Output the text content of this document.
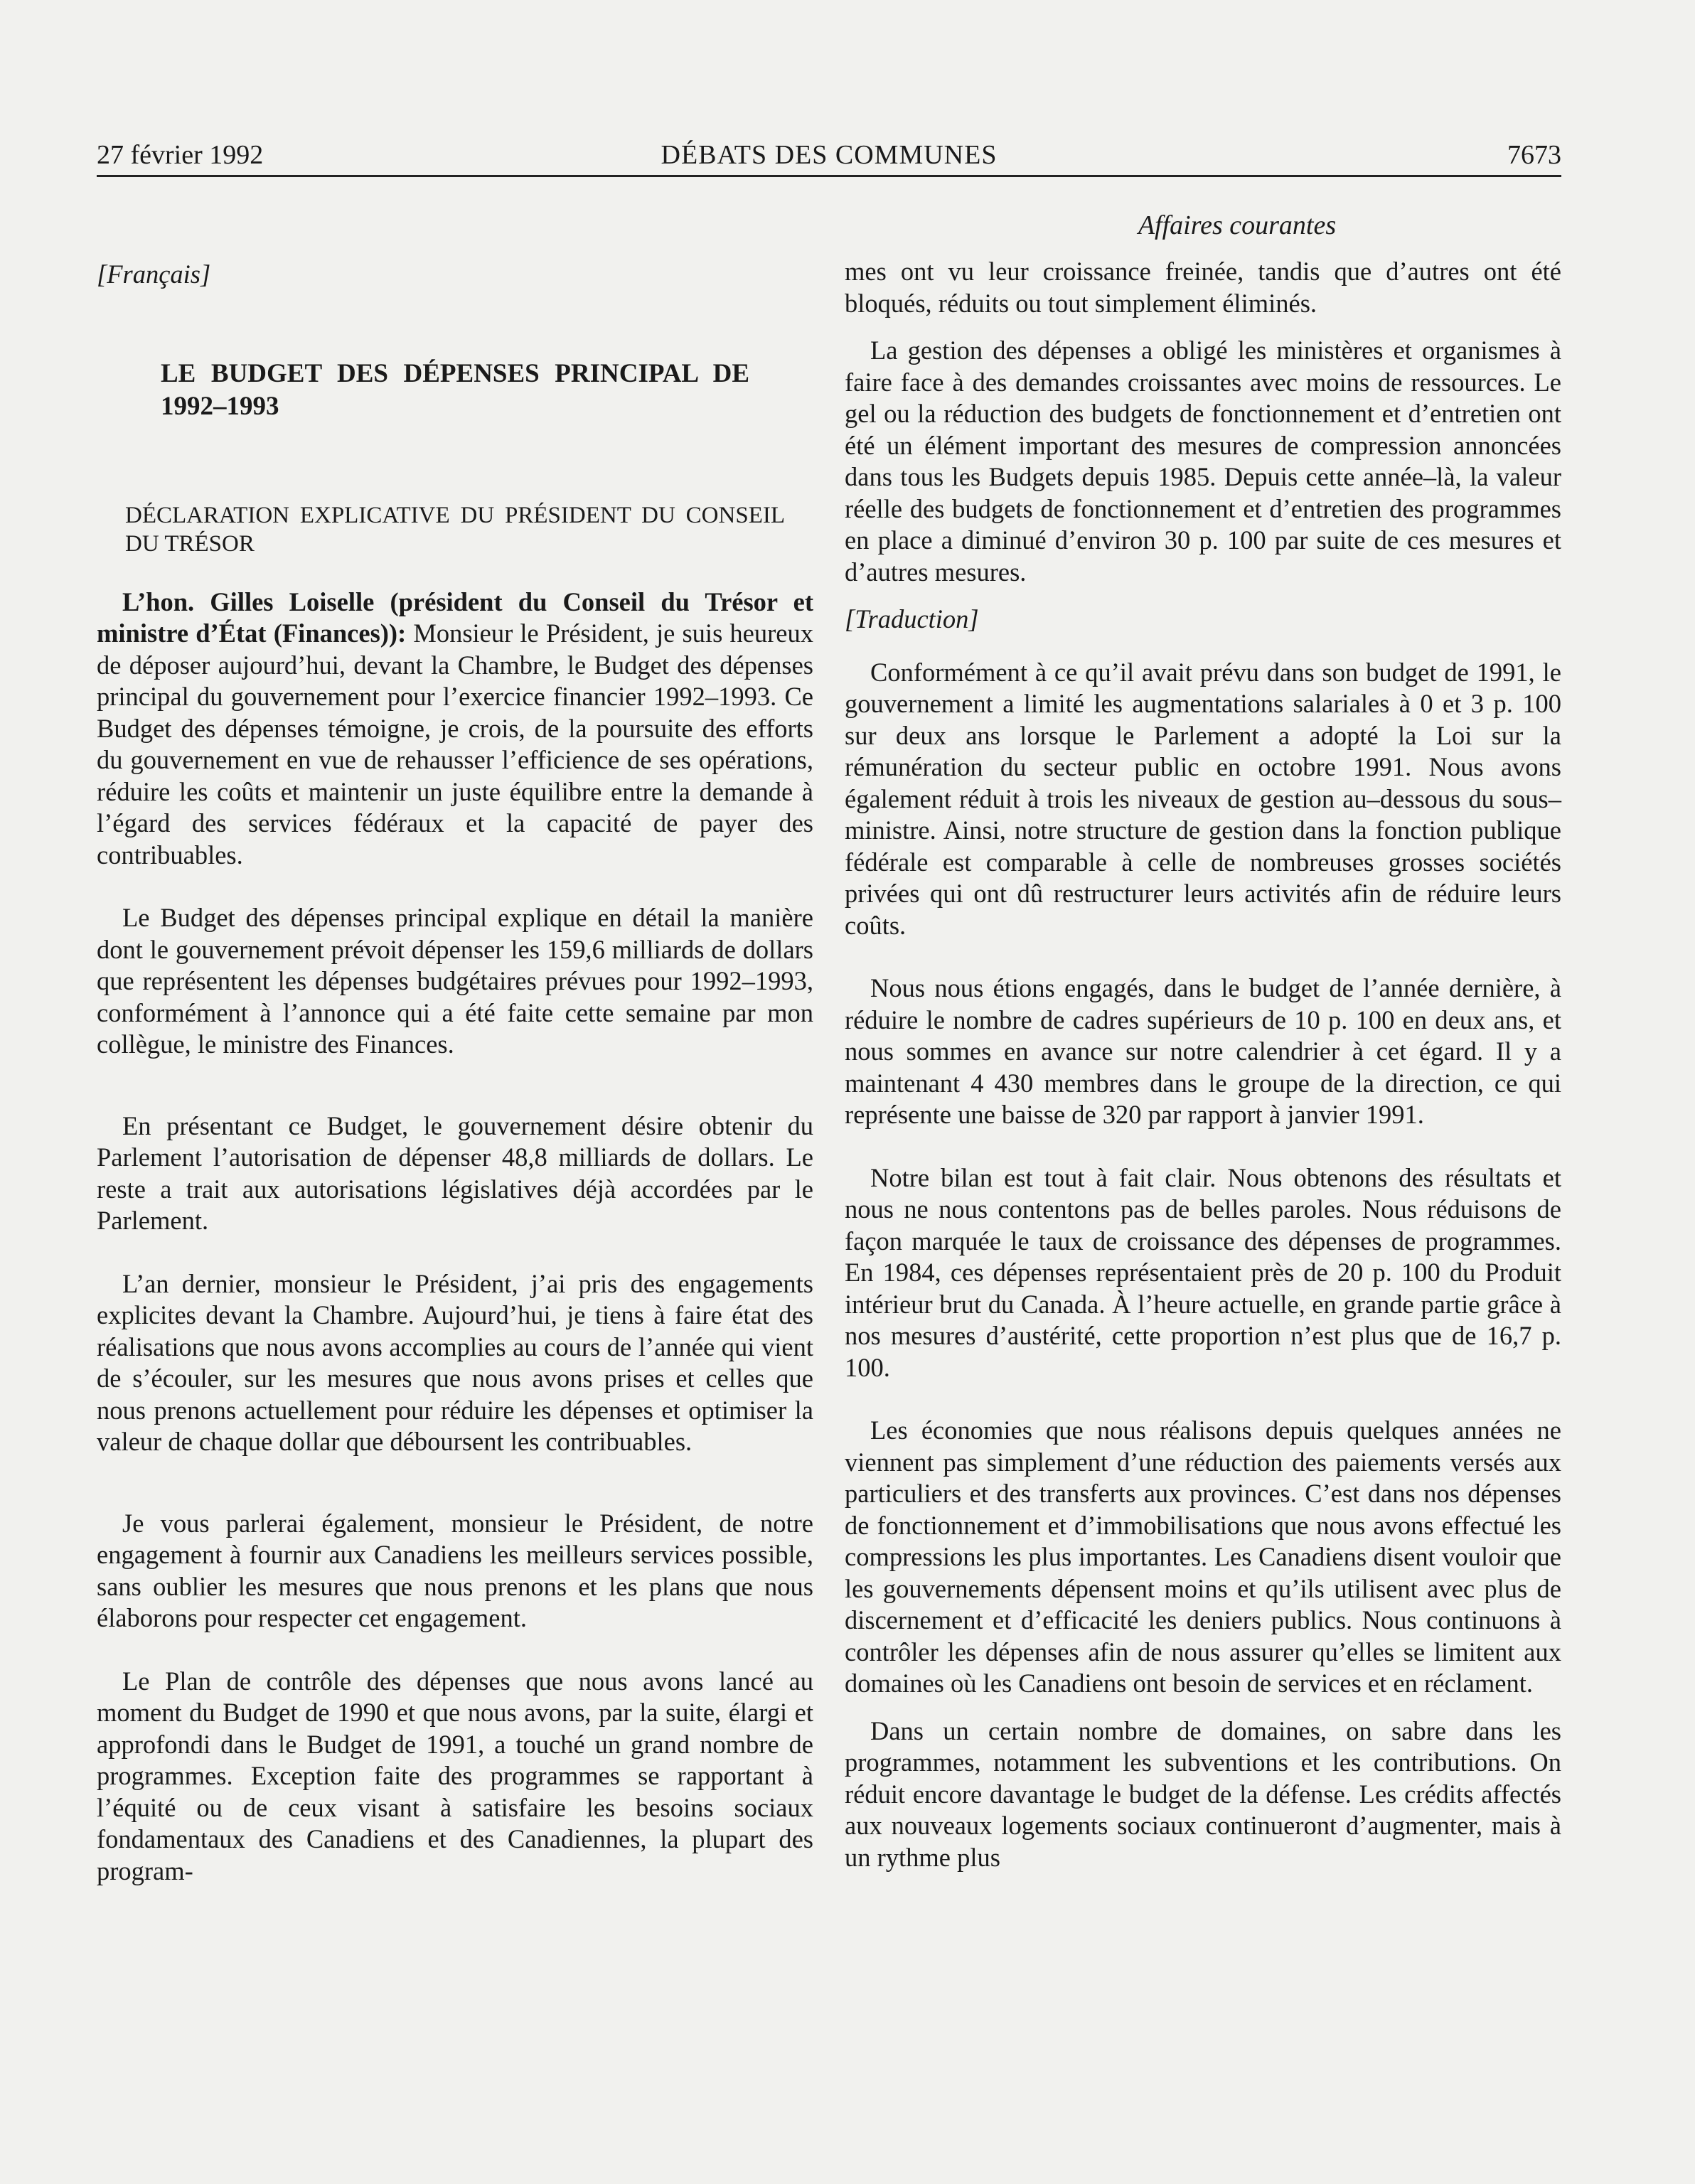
27 février 1992	DÉBATS DES COMMUNES	7673
Affaires courantes

[Français]

LE BUDGET DES DÉPENSES PRINCIPAL DE 1992–1993

DÉCLARATION EXPLICATIVE DU PRÉSIDENT DU CONSEIL DU TRÉSOR

L’hon. Gilles Loiselle (président du Conseil du Trésor et ministre d’État (Finances)): Monsieur le Président, je suis heureux de déposer aujourd’hui, devant la Chambre, le Budget des dépenses principal du gouvernement pour l’exercice financier 1992–1993. Ce Budget des dépenses témoigne, je crois, de la poursuite des efforts du gouvernement en vue de rehausser l’efficience de ses opérations, réduire les coûts et maintenir un juste équilibre entre la demande à l’égard des services fédéraux et la capacité de payer des contribuables.

Le Budget des dépenses principal explique en détail la manière dont le gouvernement prévoit dépenser les 159,6 milliards de dollars que représentent les dépenses budgétaires prévues pour 1992–1993, conformément à l’annonce qui a été faite cette semaine par mon collègue, le ministre des Finances.

En présentant ce Budget, le gouvernement désire obtenir du Parlement l’autorisation de dépenser 48,8 milliards de dollars. Le reste a trait aux autorisations législatives déjà accordées par le Parlement.

L’an dernier, monsieur le Président, j’ai pris des engagements explicites devant la Chambre. Aujourd’hui, je tiens à faire état des réalisations que nous avons accomplies au cours de l’année qui vient de s’écouler, sur les mesures que nous avons prises et celles que nous prenons actuellement pour réduire les dépenses et optimiser la valeur de chaque dollar que déboursent les contribuables.

Je vous parlerai également, monsieur le Président, de notre engagement à fournir aux Canadiens les meilleurs services possible, sans oublier les mesures que nous prenons et les plans que nous élaborons pour respecter cet engagement.

Le Plan de contrôle des dépenses que nous avons lancé au moment du Budget de 1990 et que nous avons, par la suite, élargi et approfondi dans le Budget de 1991, a touché un grand nombre de programmes. Exception faite des programmes se rapportant à l’équité ou de ceux visant à satisfaire les besoins sociaux fondamentaux des Canadiens et des Canadiennes, la plupart des program-

mes ont vu leur croissance freinée, tandis que d’autres ont été bloqués, réduits ou tout simplement éliminés.

La gestion des dépenses a obligé les ministères et organismes à faire face à des demandes croissantes avec moins de ressources. Le gel ou la réduction des budgets de fonctionnement et d’entretien ont été un élément important des mesures de compression annoncées dans tous les Budgets depuis 1985. Depuis cette année–là, la valeur réelle des budgets de fonctionnement et d’entretien des programmes en place a diminué d’environ 30 p. 100 par suite de ces mesures et d’autres mesures.

[Traduction]

Conformément à ce qu’il avait prévu dans son budget de 1991, le gouvernement a limité les augmentations salariales à 0 et 3 p. 100 sur deux ans lorsque le Parlement a adopté la Loi sur la rémunération du secteur public en octobre 1991. Nous avons également réduit à trois les niveaux de gestion au–dessous du sous–ministre. Ainsi, notre structure de gestion dans la fonction publique fédérale est comparable à celle de nombreuses grosses sociétés privées qui ont dû restructurer leurs activités afin de réduire leurs coûts.

Nous nous étions engagés, dans le budget de l’année dernière, à réduire le nombre de cadres supérieurs de 10 p. 100 en deux ans, et nous sommes en avance sur notre calendrier à cet égard. Il y a maintenant 4 430 membres dans le groupe de la direction, ce qui représente une baisse de 320 par rapport à janvier 1991.

Notre bilan est tout à fait clair. Nous obtenons des résultats et nous ne nous contentons pas de belles paroles. Nous réduisons de façon marquée le taux de croissance des dépenses de programmes. En 1984, ces dépenses représentaient près de 20 p. 100 du Produit intérieur brut du Canada. À l’heure actuelle, en grande partie grâce à nos mesures d’austérité, cette proportion n’est plus que de 16,7 p. 100.

Les économies que nous réalisons depuis quelques années ne viennent pas simplement d’une réduction des paiements versés aux particuliers et des transferts aux provinces. C’est dans nos dépenses de fonctionnement et d’immobilisations que nous avons effectué les compressions les plus importantes. Les Canadiens disent vouloir que les gouvernements dépensent moins et qu’ils utilisent avec plus de discernement et d’efficacité les deniers publics. Nous continuons à contrôler les dépenses afin de nous assurer qu’elles se limitent aux domaines où les Canadiens ont besoin de services et en réclament.

Dans un certain nombre de domaines, on sabre dans les programmes, notamment les subventions et les contributions. On réduit encore davantage le budget de la défense. Les crédits affectés aux nouveaux logements sociaux continueront d’augmenter, mais à un rythme plus
